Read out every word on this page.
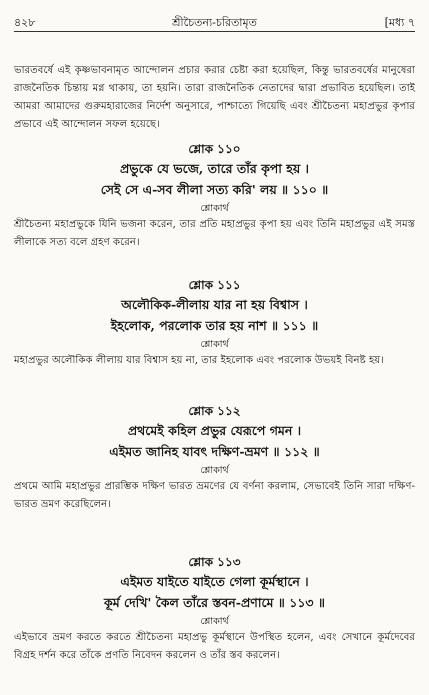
৪২৮	শ্রীচৈতন্য-চরিতামৃত	[মধ্য ৭

ভারতবর্ষে এই কৃষ্ণভাবনামৃত আন্দোলন প্রচার করার চেষ্টা করা হয়েছিল, কিন্তু ভারতবর্ষের মানুষেরা রাজনৈতিক চিন্তায় মগ্ন থাকায়, তা হয়নি। তারা রাজনৈতিক নেতাদের দ্বারা প্রভাবিত হয়েছিল। তাই আমরা আমাদের গুরুমহারাজের নির্দেশ অনুসারে, পাশ্চাত্যে গিয়েছি এবং শ্রীচৈতন্য মহাপ্রভুর কৃপার প্রভাবে এই আন্দোলন সফল হয়েছে।

শ্লোক ১১০
প্রভুকে যে ভজে, তারে তাঁর কৃপা হয় ।
সেই সে এ-সব লীলা সত্য করি' লয় ॥ ১১০ ॥
শ্লোকার্থ
শ্রীচৈতন্য মহাপ্রভুকে যিনি ভজনা করেন, তার প্রতি মহাপ্রভুর কৃপা হয় এবং তিনি মহাপ্রভুর এই সমস্ত লীলাকে সত্য বলে গ্রহণ করেন।
শ্লোক ১১১
অলৌকিক-লীলায় যার না হয় বিশ্বাস ।
ইহলোক, পরলোক তার হয় নাশ ॥ ১১১ ॥
শ্লোকার্থ
মহাপ্রভুর অলৌকিক লীলায় যার বিশ্বাস হয় না, তার ইহলোক এবং পরলোক উভয়ই বিনষ্ট হয়।
শ্লোক ১১২
প্রথমেই কহিল প্রভুর যেরূপে গমন ।
এইমত জানিহ যাবৎ দক্ষিণ-ভ্রমণ ॥ ১১২ ॥
শ্লোকার্থ
প্রথমে আমি মহাপ্রভুর প্রারম্ভিক দক্ষিণ ভারত ভ্রমণের যে বর্ণনা করলাম, সেভাবেই তিনি সারা দক্ষিণ-ভারত ভ্রমণ করেছিলেন।
শ্লোক ১১৩
এইমত যাইতে যাইতে গেলা কূর্মস্থানে ।
কূর্ম দেখি' কৈল তাঁরে স্তবন-প্রণামে ॥ ১১৩ ॥
শ্লোকার্থ
এইভাবে ভ্রমণ করতে করতে শ্রীচৈতন্য মহাপ্রভু কূর্মস্থানে উপস্থিত হলেন, এবং সেখানে কূর্মদেবের বিগ্রহ দর্শন করে তাঁকে প্রণতি নিবেদন করলেন ও তাঁর স্তব করলেন।
